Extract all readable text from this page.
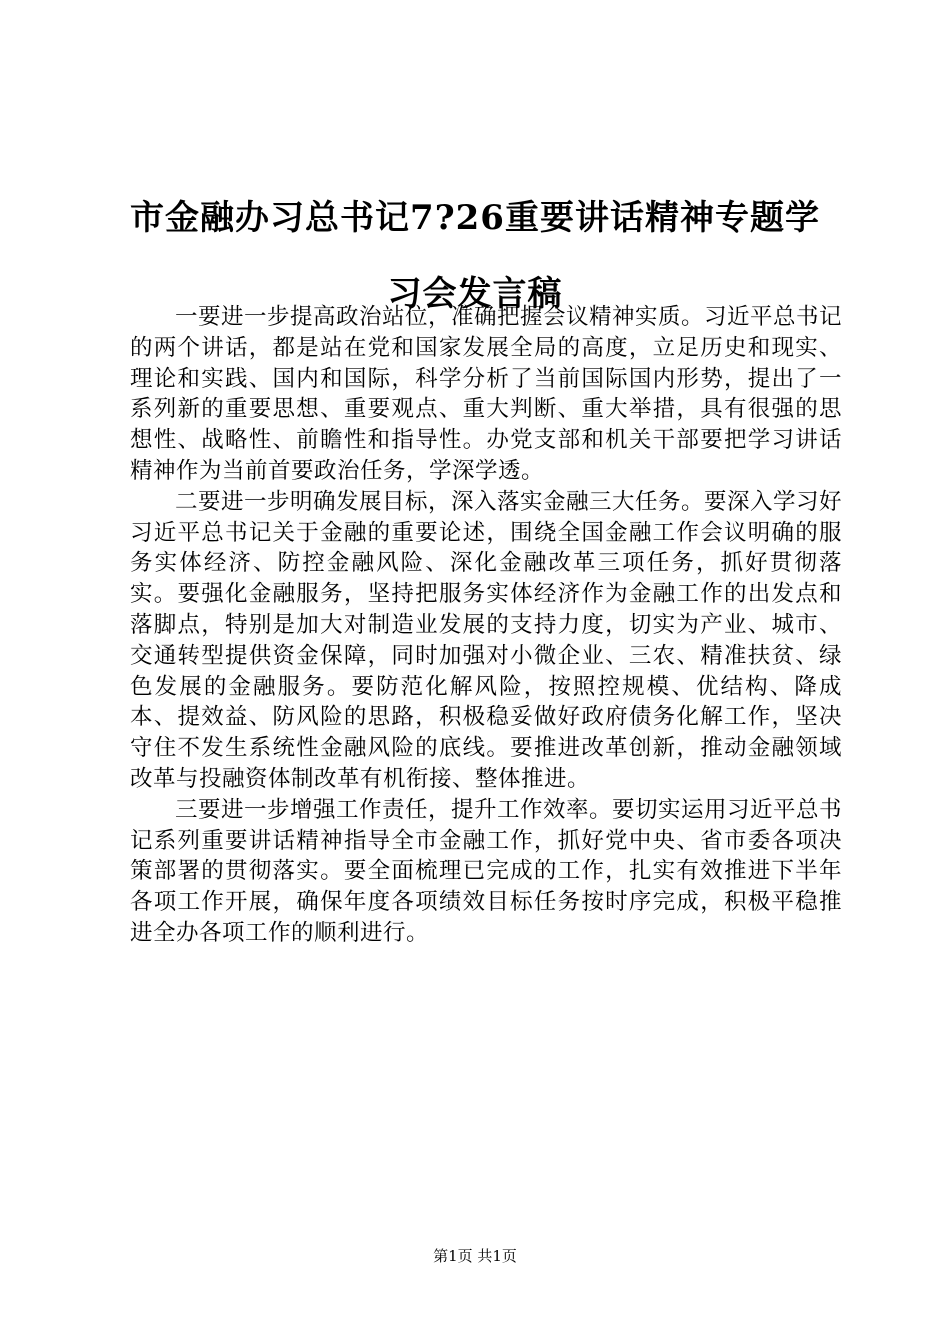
市金融办习总书记7?26重要讲话精神专题学
习会发言稿

一要进一步提高政治站位，准确把握会议精神实质。习近平总书记的两个讲话，都是站在党和国家发展全局的高度，立足历史和现实、理论和实践、国内和国际，科学分析了当前国际国内形势，提出了一系列新的重要思想、重要观点、重大判断、重大举措，具有很强的思想性、战略性、前瞻性和指导性。办党支部和机关干部要把学习讲话精神作为当前首要政治任务，学深学透。

二要进一步明确发展目标，深入落实金融三大任务。要深入学习好习近平总书记关于金融的重要论述，围绕全国金融工作会议明确的服务实体经济、防控金融风险、深化金融改革三项任务，抓好贯彻落实。要强化金融服务，坚持把服务实体经济作为金融工作的出发点和落脚点，特别是加大对制造业发展的支持力度，切实为产业、城市、交通转型提供资金保障，同时加强对小微企业、三农、精准扶贫、绿色发展的金融服务。要防范化解风险，按照控规模、优结构、降成本、提效益、防风险的思路，积极稳妥做好政府债务化解工作，坚决守住不发生系统性金融风险的底线。要推进改革创新，推动金融领域改革与投融资体制改革有机衔接、整体推进。

三要进一步增强工作责任，提升工作效率。要切实运用习近平总书记系列重要讲话精神指导全市金融工作，抓好党中央、省市委各项决策部署的贯彻落实。要全面梳理已完成的工作，扎实有效推进下半年各项工作开展，确保年度各项绩效目标任务按时序完成，积极平稳推进全办各项工作的顺利进行。

第1页 共1页
